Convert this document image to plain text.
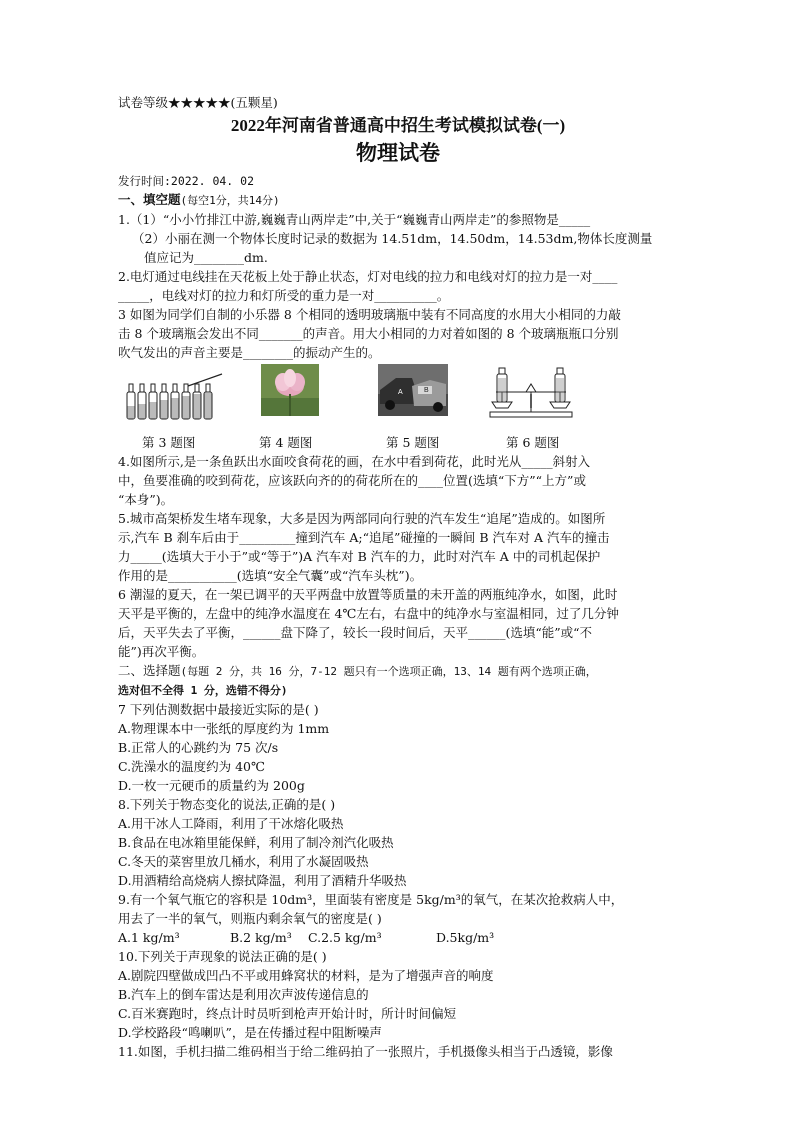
试卷等级★★★★★(五颗星)
2022年河南省普通高中招生考试模拟试卷(一)
物理试卷
发行时间:2022. 04. 02
一、填空题(每空1分，共14分)
1.（1）“小小竹排江中游,巍巍青山两岸走”中,关于“巍巍青山两岸走”的参照物是_____
（2）小丽在测一个物体长度时记录的数据为 14.51dm，14.50dm，14.53dm,物体长度测量
值应记为________dm.
2.电灯通过电线挂在天花板上处于静止状态，灯对电线的拉力和电线对灯的拉力是一对____
_____，电线对灯的拉力和灯所受的重力是一对__________。
3 如图为同学们自制的小乐器 8 个相同的透明玻璃瓶中装有不同高度的水用大小相同的力敲
击 8 个玻璃瓶会发出不同_______的声音。用大小相同的力对着如图的 8 个玻璃瓶瓶口分别
吹气发出的声音主要是________的振动产生的。
A	B
第 3 题图	第 4 题图	第 5 题图	第 6 题图
4.如图所示,是一条鱼跃出水面咬食荷花的画，在水中看到荷花，此时光从_____斜射入
中，鱼要准确的咬到荷花，应该跃向齐的的荷花所在的____位置(选填“下方”“上方”或
“本身”)。
5.城市高架桥发生堵车现象，大多是因为两部同向行驶的汽车发生“追尾”造成的。如图所
示,汽车 B 刹车后由于_________撞到汽车 A;“追尾”碰撞的一瞬间 B 汽车对 A 汽车的撞击
力_____(选填大于小于”或“等于”)A 汽车对 B 汽车的力，此时对汽车 A 中的司机起保护
作用的是___________(选填“安全气囊”或“汽车头枕”)。
6 潮湿的夏天，在一架已调平的天平两盘中放置等质量的未开盖的两瓶纯净水，如图，此时
天平是平衡的，左盘中的纯净水温度在 4℃左右，右盘中的纯净水与室温相同，过了几分钟
后，天平失去了平衡，______盘下降了，较长一段时间后，天平______(选填“能”或“不
能”)再次平衡。
二、选择题(每题 2 分，共 16 分，7-12 题只有一个选项正确，13、14 题有两个选项正确，
选对但不全得 1 分，选错不得分)
7 下列估测数据中最接近实际的是( )
A.物理课本中一张纸的厚度约为 1mm
B.正常人的心跳约为 75 次/s
C.洗澡水的温度约为 40℃
D.一枚一元硬币的质量约为 200g
8.下列关于物态变化的说法,正确的是( )
A.用干冰人工降雨，利用了干冰熔化吸热
B.食品在电冰箱里能保鲜，利用了制冷剂汽化吸热
C.冬天的菜窖里放几桶水，利用了水凝固吸热
D.用酒精给高烧病人擦拭降温，利用了酒精升华吸热
9.有一个氧气瓶它的容积是 10dm³，里面装有密度是 5kg/m³的氧气，在某次抢救病人中，
用去了一半的氧气，则瓶内剩余氧气的密度是( )
A.1 kg/m³	B.2 kg/m³ C.2.5 kg/m³	D.5kg/m³
10.下列关于声现象的说法正确的是( )
A.剧院四壁做成凹凸不平或用蜂窝状的材料，是为了增强声音的响度
B.汽车上的倒车雷达是利用次声波传递信息的
C.百米赛跑时，终点计时员听到枪声开始计时，所计时间偏短
D.学校路段“鸣喇叭”，是在传播过程中阻断噪声
11.如图，手机扫描二维码相当于给二维码拍了一张照片，手机摄像头相当于凸透镜，影像
